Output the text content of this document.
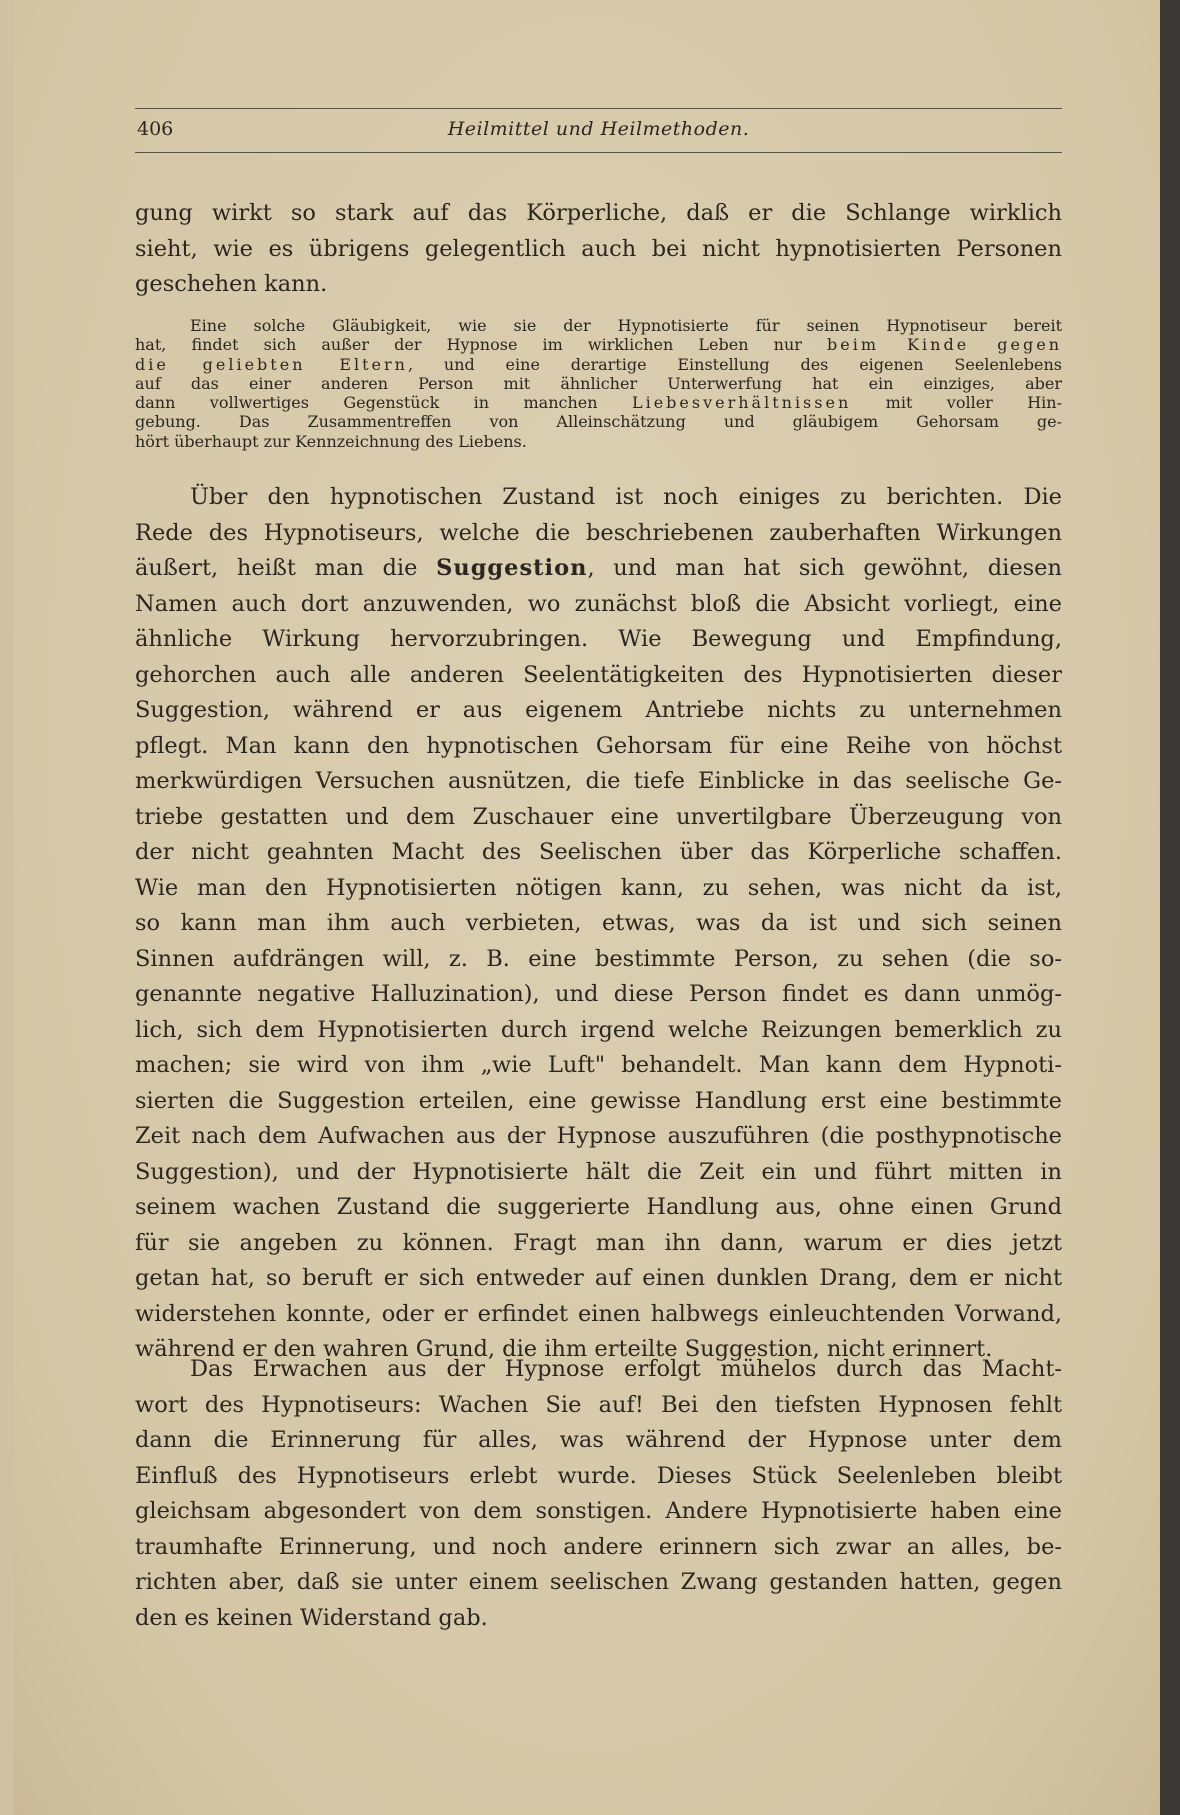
406	Heilmittel und Heilmethoden.
gung wirkt so stark auf das Körperliche, daß er die Schlange wirklich
sieht, wie es übrigens gelegentlich auch bei nicht hypnotisierten Personen
geschehen kann.
Eine solche Gläubigkeit, wie sie der Hypnotisierte für seinen Hypnotiseur bereit
hat, findet sich außer der Hypnose im wirklichen Leben nur beim Kinde gegen
die geliebten Eltern, und eine derartige Einstellung des eigenen Seelenlebens
auf das einer anderen Person mit ähnlicher Unterwerfung hat ein einziges, aber
dann vollwertiges Gegenstück in manchen Liebesverhältnissen mit voller Hin-
gebung. Das Zusammentreffen von Alleinschätzung und gläubigem Gehorsam ge-
hört überhaupt zur Kennzeichnung des Liebens.
Über den hypnotischen Zustand ist noch einiges zu berichten. Die
Rede des Hypnotiseurs, welche die beschriebenen zauberhaften Wirkungen
äußert, heißt man die Suggestion, und man hat sich gewöhnt, diesen
Namen auch dort anzuwenden, wo zunächst bloß die Absicht vorliegt, eine
ähnliche Wirkung hervorzubringen. Wie Bewegung und Empfindung,
gehorchen auch alle anderen Seelentätigkeiten des Hypnotisierten dieser
Suggestion, während er aus eigenem Antriebe nichts zu unternehmen
pflegt. Man kann den hypnotischen Gehorsam für eine Reihe von höchst
merkwürdigen Versuchen ausnützen, die tiefe Einblicke in das seelische Ge-
triebe gestatten und dem Zuschauer eine unvertilgbare Überzeugung von
der nicht geahnten Macht des Seelischen über das Körperliche schaffen.
Wie man den Hypnotisierten nötigen kann, zu sehen, was nicht da ist,
so kann man ihm auch verbieten, etwas, was da ist und sich seinen
Sinnen aufdrängen will, z. B. eine bestimmte Person, zu sehen (die so-
genannte negative Halluzination), und diese Person findet es dann unmög-
lich, sich dem Hypnotisierten durch irgend welche Reizungen bemerklich zu
machen; sie wird von ihm „wie Luft" behandelt. Man kann dem Hypnoti-
sierten die Suggestion erteilen, eine gewisse Handlung erst eine bestimmte
Zeit nach dem Aufwachen aus der Hypnose auszuführen (die posthypnotische
Suggestion), und der Hypnotisierte hält die Zeit ein und führt mitten in
seinem wachen Zustand die suggerierte Handlung aus, ohne einen Grund
für sie angeben zu können. Fragt man ihn dann, warum er dies jetzt
getan hat, so beruft er sich entweder auf einen dunklen Drang, dem er nicht
widerstehen konnte, oder er erfindet einen halbwegs einleuchtenden Vorwand,
während er den wahren Grund, die ihm erteilte Suggestion, nicht erinnert.
Das Erwachen aus der Hypnose erfolgt mühelos durch das Macht-
wort des Hypnotiseurs: Wachen Sie auf! Bei den tiefsten Hypnosen fehlt
dann die Erinnerung für alles, was während der Hypnose unter dem
Einfluß des Hypnotiseurs erlebt wurde. Dieses Stück Seelenleben bleibt
gleichsam abgesondert von dem sonstigen. Andere Hypnotisierte haben eine
traumhafte Erinnerung, und noch andere erinnern sich zwar an alles, be-
richten aber, daß sie unter einem seelischen Zwang gestanden hatten, gegen
den es keinen Widerstand gab.
